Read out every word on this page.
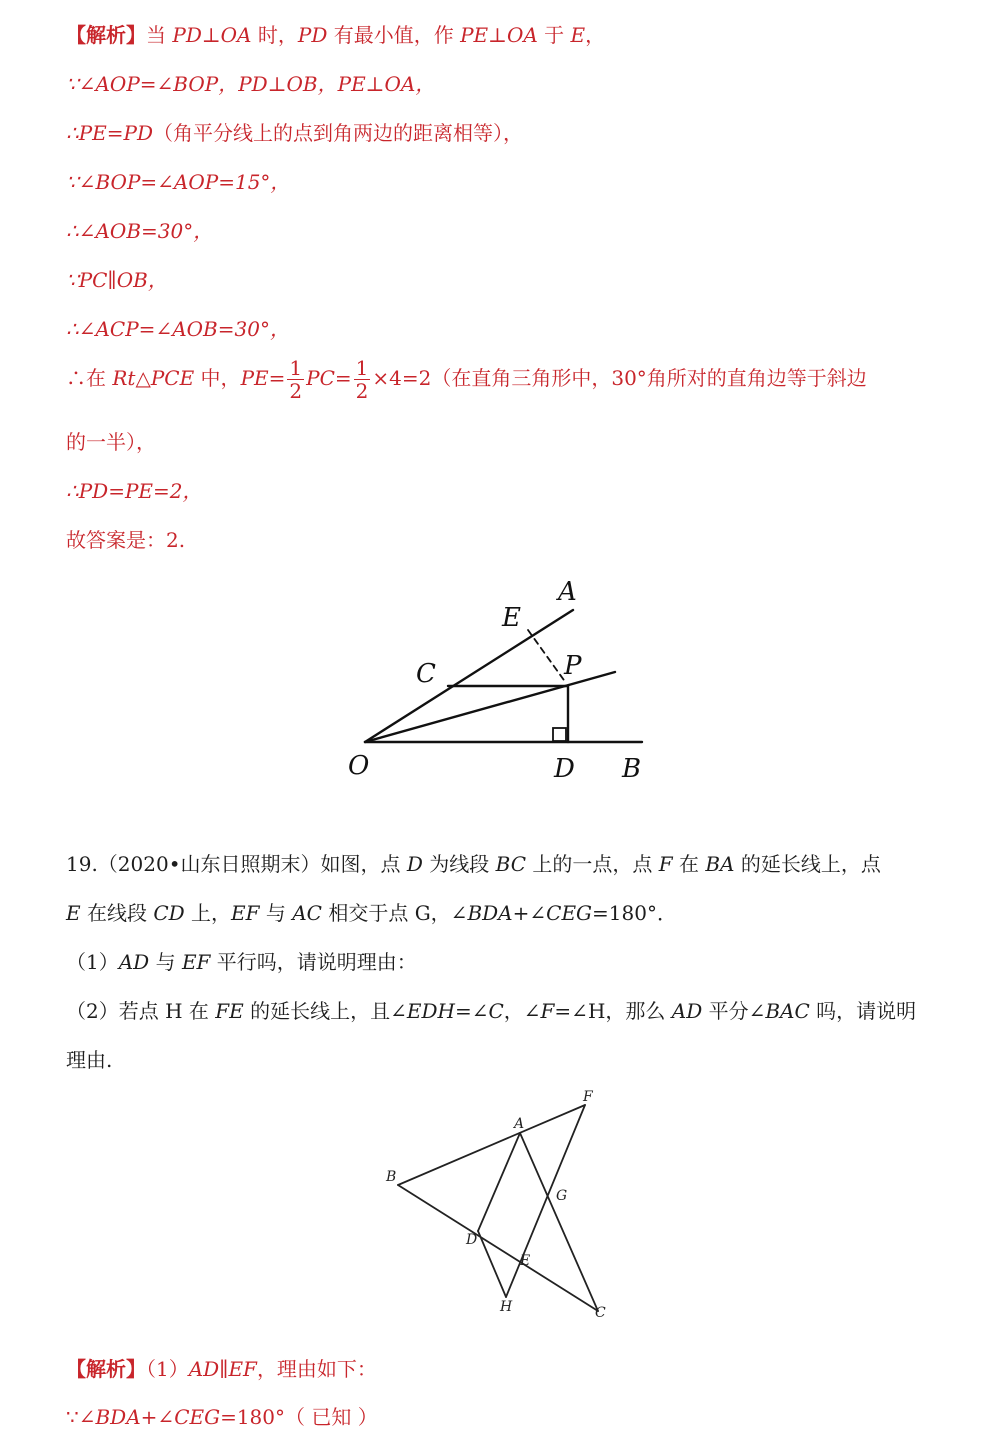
【解析】当 PD⊥OA 时，PD 有最小值，作 PE⊥OA 于 E，
∵∠AOP=∠BOP，PD⊥OB，PE⊥OA，
∴PE=PD（角平分线上的点到角两边的距离相等），
∵∠BOP=∠AOP=15°，
∴∠AOB=30°，
∵PC∥OB，
∴∠ACP=∠AOB=30°，
∴在 Rt△PCE 中，$PE= \frac{1}{2} PC= \frac{1}{2} \times 4=2$（在直角三角形中，30°角所对的直角边等于斜边
的一半），
∴PD=PE=2，
故答案是：2.
A
E
C	P
O	D B
19.（2020•山东日照期末）如图，点 D 为线段 BC 上的一点，点 F 在 BA 的延长线上，点
E 在线段 CD 上，EF 与 AC 相交于点 G，∠BDA+∠CEG=180°．
（1）AD 与 EF 平行吗，请说明理由：
（2）若点 H 在 FE 的延长线上，且∠EDH=∠C，∠F=∠H，那么 AD 平分∠BAC 吗，请说明
理由.
F
A
B
G
D
E
H	C
【解析】（1）AD∥EF，理由如下：
∵∠BDA+∠CEG=180°（ 已知 ）
